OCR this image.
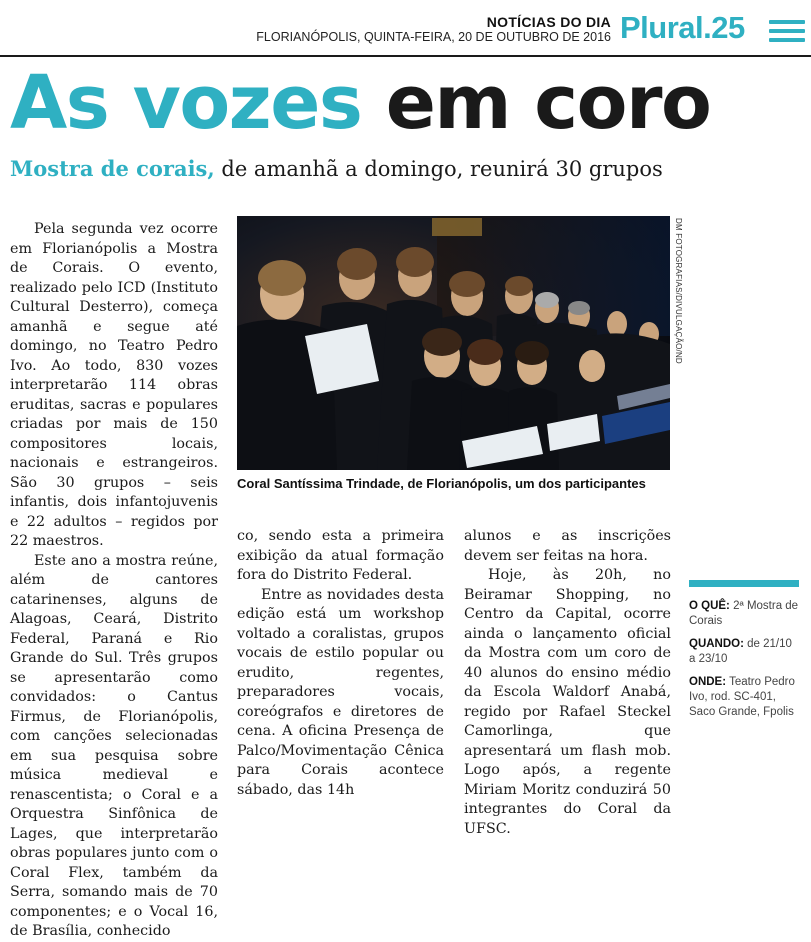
NOTÍCIAS DO DIA
FLORIANÓPOLIS, QUINTA-FEIRA, 20 DE OUTUBRO DE 2016 Plural.25
As vozes em coro
Mostra de corais, de amanhã a domingo, reunirá 30 grupos

Pela segunda vez ocorre em Florianópolis a Mostra de Corais. O evento, realizado pelo ICD (Instituto Cultural Desterro), começa amanhã e segue até domingo, no Teatro Pedro Ivo. Ao todo, 830 vozes interpretarão 114 obras eruditas, sacras e populares criadas por mais de 150 compositores locais, nacionais e estrangeiros. São 30 grupos – seis infantis, dois infantojuvenis e 22 adultos – regidos por 22 maestros.

Este ano a mostra reúne, além de cantores catarinenses, alguns de Alagoas, Ceará, Distrito Federal, Paraná e Rio Grande do Sul. Três grupos se apresentarão como convidados: o Cantus Firmus, de Florianópolis, com canções selecionadas em sua pesquisa sobre música medieval e renascentista; o Coral e a Orquestra Sinfônica de Lages, que interpretarão obras populares junto com o Coral Flex, também da Serra, somando mais de 70 componentes; e o Vocal 16, de Brasília, conhecido

DM FOTOGRAFIAS/DIVULGAÇÃO/ND
Coral Santíssima Trindade, de Florianópolis, um dos participantes

co, sendo esta a primeira exibição da atual formação fora do Distrito Federal.

Entre as novidades desta edição está um workshop voltado a coralistas, grupos vocais de estilo popular ou erudito, regentes, preparadores vocais, coreógrafos e diretores de cena. A oficina Presença de Palco/Movimentação Cênica para Corais acontece sábado, das 14h

alunos e as inscrições devem ser feitas na hora.

Hoje, às 20h, no Beiramar Shopping, no Centro da Capital, ocorre ainda o lançamento oficial da Mostra com um coro de 40 alunos do ensino médio da Escola Waldorf Anabá, regido por Rafael Steckel Camorlinga, que apresentará um flash mob. Logo após, a regente Miriam Moritz conduzirá 50 integrantes do Coral da UFSC.

O QUÊ: 2ª Mostra de Corais
QUANDO: de 21/10 a 23/10
ONDE: Teatro Pedro Ivo, rod. SC-401, Saco Grande, Fpolis
